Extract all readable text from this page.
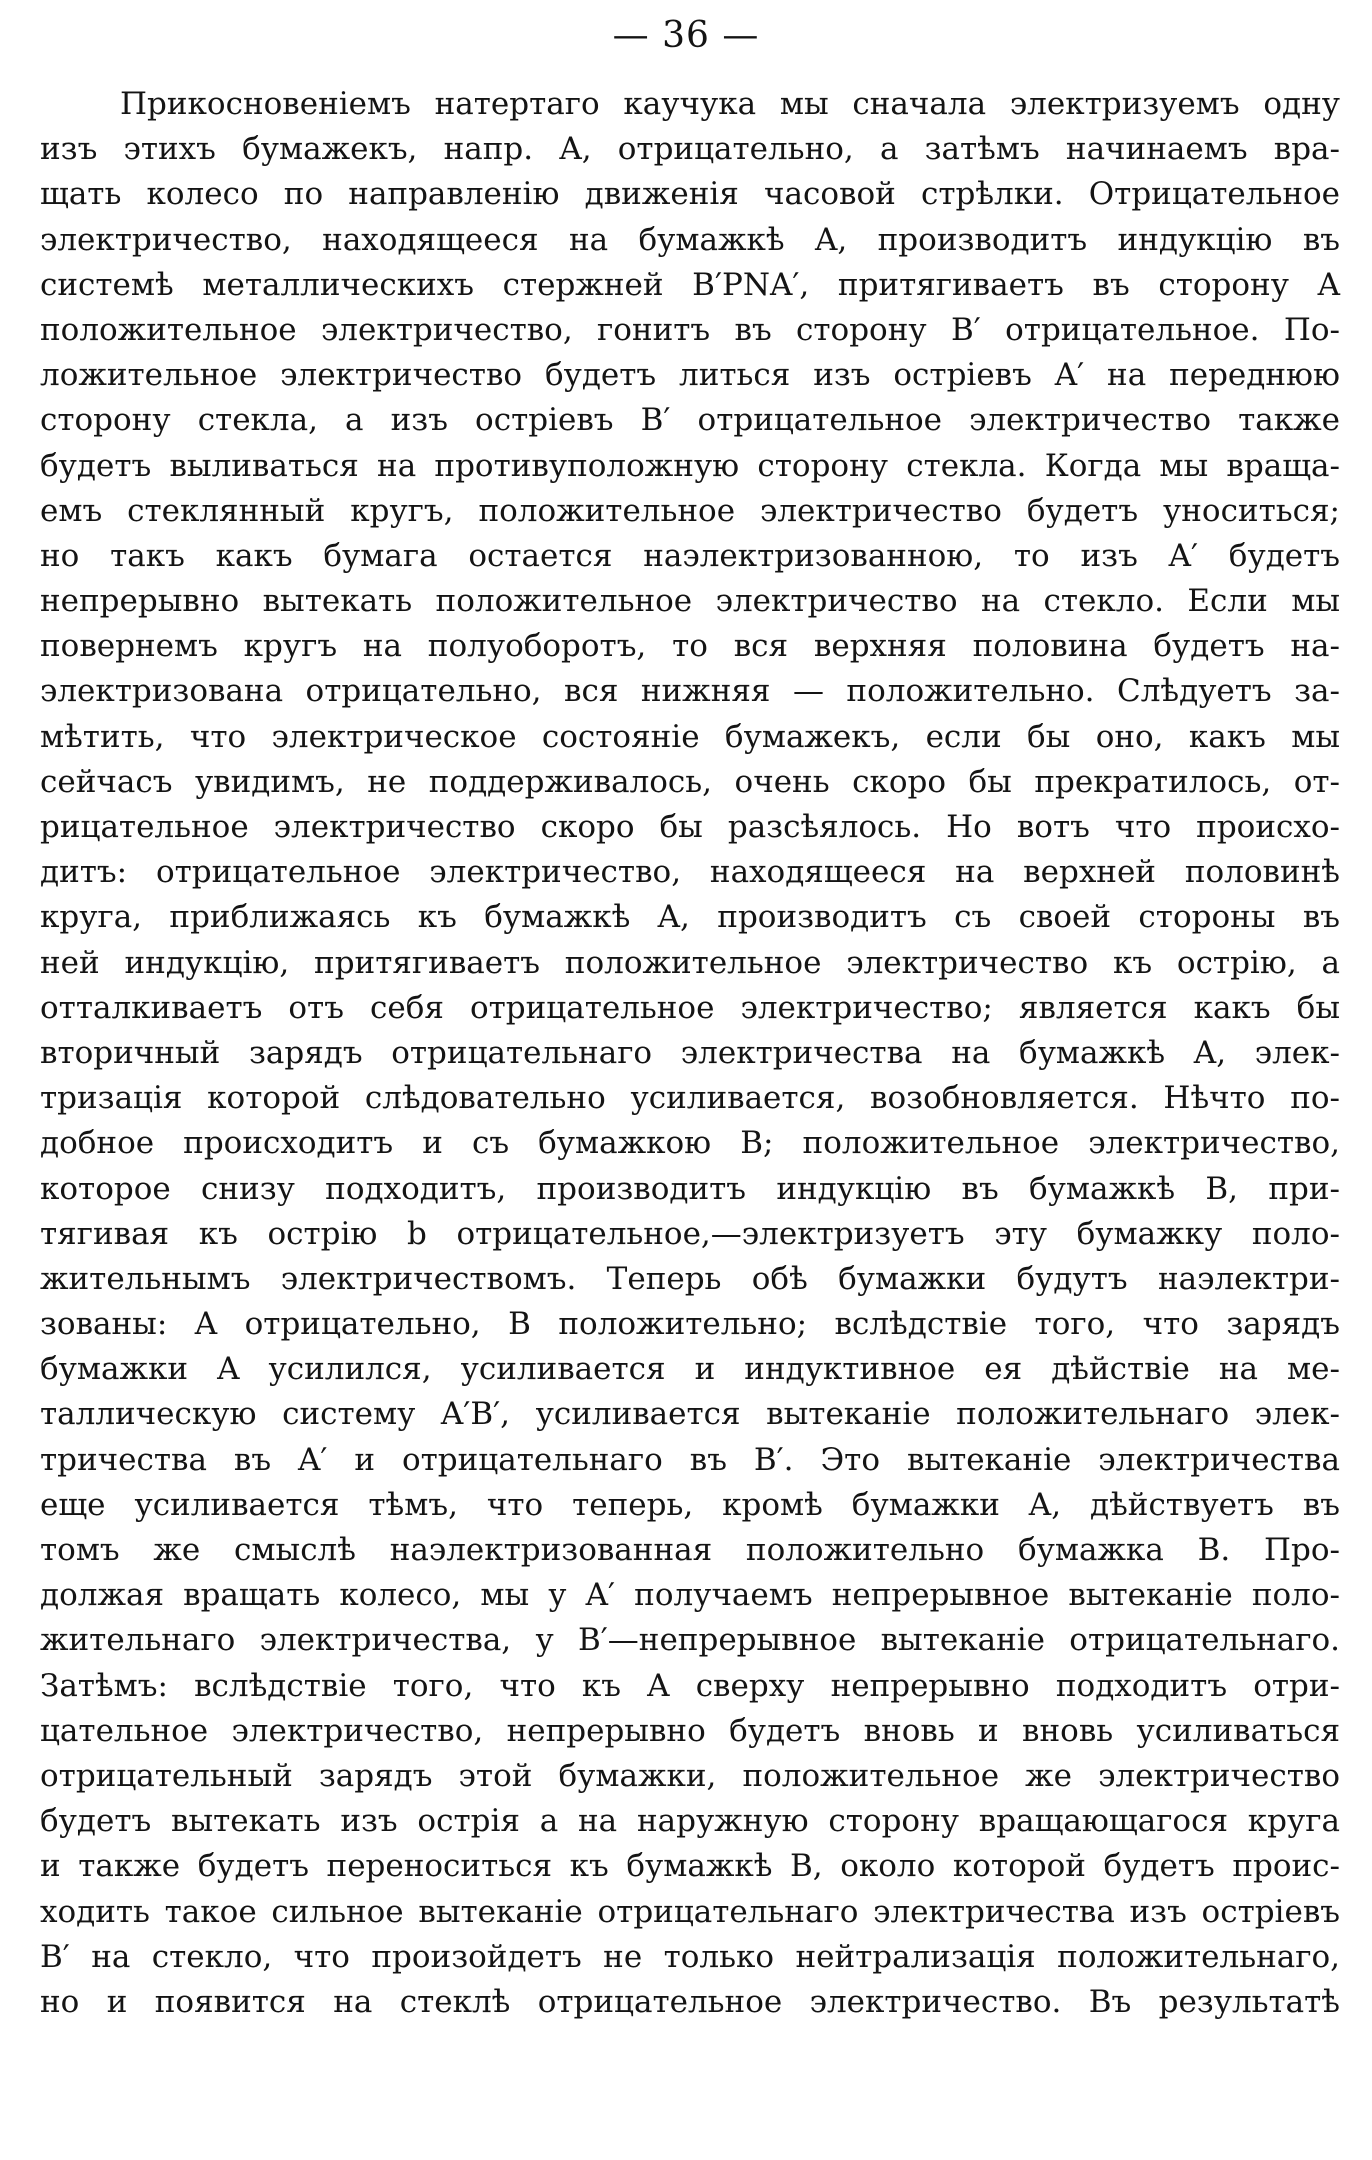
— 36 —
Прикосновеніемъ натертаго каучука мы сначала электризуемъ одну
изъ этихъ бумажекъ, напр. A, отрицательно, а затѣмъ начинаемъ вра-
щать колесо по направленію движенія часовой стрѣлки. Отрицательное
электричество, находящееся на бумажкѣ A, производитъ индукцію въ
системѣ металлическихъ стержней B′PNA′, притягиваетъ въ сторону A
положительное электричество, гонитъ въ сторону B′ отрицательное. По-
ложительное электричество будетъ литься изъ остріевъ A′ на переднюю
сторону стекла, а изъ остріевъ B′ отрицательное электричество также
будетъ выливаться на противуположную сторону стекла. Когда мы враща-
емъ стеклянный кругъ, положительное электричество будетъ уноситься;
но такъ какъ бумага остается наэлектризованною, то изъ A′ будетъ
непрерывно вытекать положительное электричество на стекло. Если мы
повернемъ кругъ на полуоборотъ, то вся верхняя половина будетъ на-
электризована отрицательно, вся нижняя — положительно. Слѣдуетъ за-
мѣтить, что электрическое состояніе бумажекъ, если бы оно, какъ мы
сейчасъ увидимъ, не поддерживалось, очень скоро бы прекратилось, от-
рицательное электричество скоро бы разсѣялось. Но вотъ что происхо-
дитъ: отрицательное электричество, находящееся на верхней половинѣ
круга, приближаясь къ бумажкѣ A, производитъ съ своей стороны въ
ней индукцію, притягиваетъ положительное электричество къ острію, а
отталкиваетъ отъ себя отрицательное электричество; является какъ бы
вторичный зарядъ отрицательнаго электричества на бумажкѣ A, элек-
тризація которой слѣдовательно усиливается, возобновляется. Нѣчто по-
добное происходитъ и съ бумажкою B; положительное электричество,
которое снизу подходитъ, производитъ индукцію въ бумажкѣ B, при-
тягивая къ острію b отрицательное,—электризуетъ эту бумажку поло-
жительнымъ электричествомъ. Теперь обѣ бумажки будутъ наэлектри-
зованы: A отрицательно, B положительно; вслѣдствіе того, что зарядъ
бумажки A усилился, усиливается и индуктивное ея дѣйствіе на ме-
таллическую систему A′B′, усиливается вытеканіе положительнаго элек-
тричества въ A′ и отрицательнаго въ B′. Это вытеканіе электричества
еще усиливается тѣмъ, что теперь, кромѣ бумажки A, дѣйствуетъ въ
томъ же смыслѣ наэлектризованная положительно бумажка B. Про-
должая вращать колесо, мы у A′ получаемъ непрерывное вытеканіе поло-
жительнаго электричества, у B′—непрерывное вытеканіе отрицательнаго.
Затѣмъ: вслѣдствіе того, что къ A сверху непрерывно подходитъ отри-
цательное электричество, непрерывно будетъ вновь и вновь усиливаться
отрицательный зарядъ этой бумажки, положительное же электричество
будетъ вытекать изъ острія a на наружную сторону вращающагося круга
и также будетъ переноситься къ бумажкѣ B, около которой будетъ проис-
ходить такое сильное вытеканіе отрицательнаго электричества изъ остріевъ
B′ на стекло, что произойдетъ не только нейтрализація положительнаго,
но и появится на стеклѣ отрицательное электричество. Въ результатѣ
